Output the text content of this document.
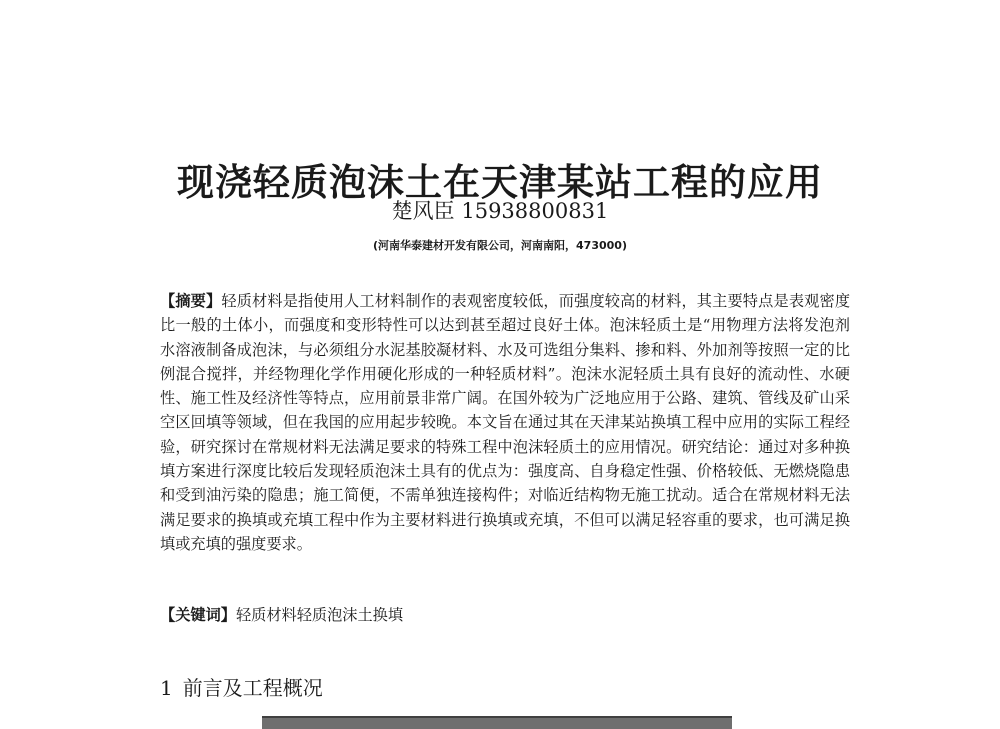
现浇轻质泡沫土在天津某站工程的应用
楚风臣 15938800831
(河南华泰建材开发有限公司，河南南阳，473000)

【摘要】轻质材料是指使用人工材料制作的表观密度较低，而强度较高的材料，其主要特点是表观密度比一般的土体小，而强度和变形特性可以达到甚至超过良好土体。泡沫轻质土是“用物理方法将发泡剂水溶液制备成泡沫，与必须组分水泥基胶凝材料、水及可选组分集料、掺和料、外加剂等按照一定的比例混合搅拌，并经物理化学作用硬化形成的一种轻质材料”。泡沫水泥轻质土具有良好的流动性、水硬性、施工性及经济性等特点，应用前景非常广阔。在国外较为广泛地应用于公路、建筑、管线及矿山采空区回填等领域，但在我国的应用起步较晚。本文旨在通过其在天津某站换填工程中应用的实际工程经验，研究探讨在常规材料无法满足要求的特殊工程中泡沫轻质土的应用情况。研究结论：通过对多种换填方案进行深度比较后发现轻质泡沫土具有的优点为：强度高、自身稳定性强、价格较低、无燃烧隐患和受到油污染的隐患；施工简便，不需单独连接构件；对临近结构物无施工扰动。适合在常规材料无法满足要求的换填或充填工程中作为主要材料进行换填或充填，不但可以满足轻容重的要求，也可满足换填或充填的强度要求。

【关键词】轻质材料轻质泡沫土换填

1 前言及工程概况
